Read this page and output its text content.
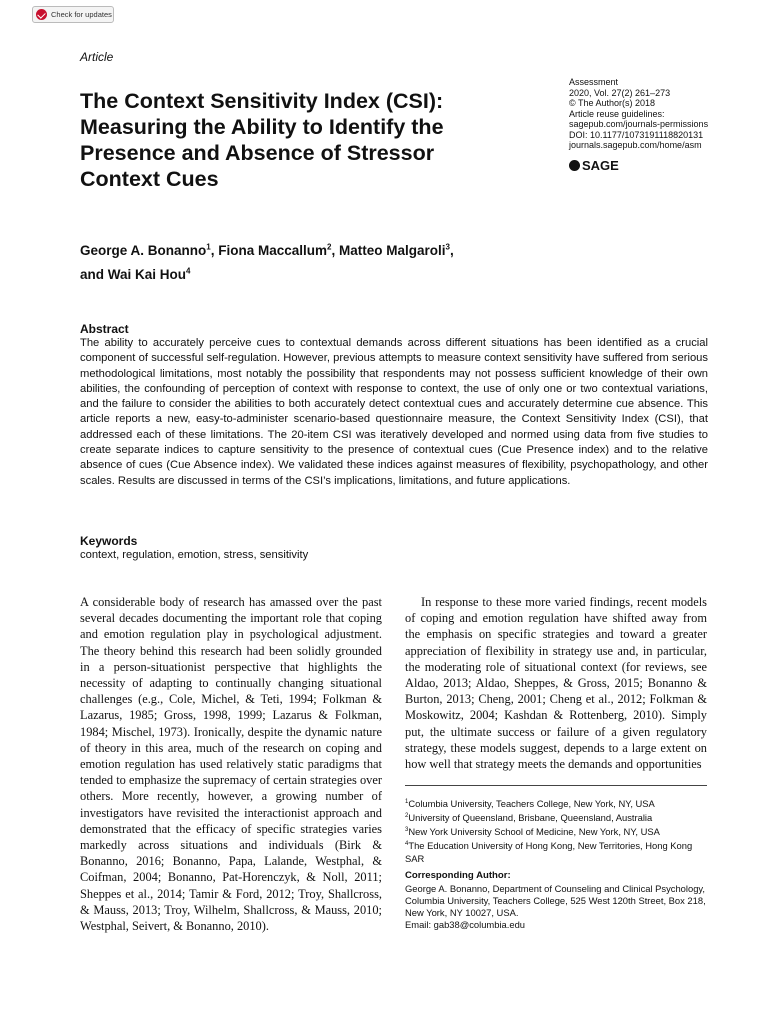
Check for updates
Article
The Context Sensitivity Index (CSI): Measuring the Ability to Identify the Presence and Absence of Stressor Context Cues
Assessment
2020, Vol. 27(2) 261–273
© The Author(s) 2018
Article reuse guidelines:
sagepub.com/journals-permissions
DOI: 10.1177/1073191118820131
journals.sagepub.com/home/asm
SAGE
George A. Bonanno$^1$, Fiona Maccallum$^2$, Matteo Malgaroli$^3$,
and Wai Kai Hou$^4$
Abstract
The ability to accurately perceive cues to contextual demands across different situations has been identified as a crucial component of successful self-regulation. However, previous attempts to measure context sensitivity have suffered from serious methodological limitations, most notably the possibility that respondents may not possess sufficient knowledge of their own abilities, the confounding of perception of context with response to context, the use of only one or two contextual variations, and the failure to consider the abilities to both accurately detect contextual cues and accurately determine cue absence. This article reports a new, easy-to-administer scenario-based questionnaire measure, the Context Sensitivity Index (CSI), that addressed each of these limitations. The 20-item CSI was iteratively developed and normed using data from five studies to create separate indices to capture sensitivity to the presence of contextual cues (Cue Presence index) and to the relative absence of cues (Cue Absence index). We validated these indices against measures of flexibility, psychopathology, and other scales. Results are discussed in terms of the CSI’s implications, limitations, and future applications.
Keywords
context, regulation, emotion, stress, sensitivity
A considerable body of research has amassed over the past several decades documenting the important role that coping and emotion regulation play in psychological adjustment. The theory behind this research had been solidly grounded in a person-situationist perspective that highlights the necessity of adapting to continually changing situational challenges (e.g., Cole, Michel, & Teti, 1994; Folkman & Lazarus, 1985; Gross, 1998, 1999; Lazarus & Folkman, 1984; Mischel, 1973). Ironically, despite the dynamic nature of theory in this area, much of the research on coping and emotion regulation has used relatively static paradigms that tended to emphasize the supremacy of certain strategies over others. More recently, however, a growing number of investigators have revisited the interactionist approach and demonstrated that the efficacy of specific strategies varies markedly across situations and individuals (Birk & Bonanno, 2016; Bonanno, Papa, Lalande, Westphal, & Coifman, 2004; Bonanno, Pat-Horenczyk, & Noll, 2011; Sheppes et al., 2014; Tamir & Ford, 2012; Troy, Shallcross, & Mauss, 2013; Troy, Wilhelm, Shallcross, & Mauss, 2010; Westphal, Seivert, & Bonanno, 2010).
In response to these more varied findings, recent models of coping and emotion regulation have shifted away from the emphasis on specific strategies and toward a greater appreciation of flexibility in strategy use and, in particular, the moderating role of situational context (for reviews, see Aldao, 2013; Aldao, Sheppes, & Gross, 2015; Bonanno & Burton, 2013; Cheng, 2001; Cheng et al., 2012; Folkman & Moskowitz, 2004; Kashdan & Rottenberg, 2010). Simply put, the ultimate success or failure of a given regulatory strategy, these models suggest, depends to a large extent on how well that strategy meets the demands and opportunities
$^1$Columbia University, Teachers College, New York, NY, USA
$^2$University of Queensland, Brisbane, Queensland, Australia
$^3$New York University School of Medicine, New York, NY, USA
$^4$The Education University of Hong Kong, New Territories, Hong Kong SAR
Corresponding Author:
George A. Bonanno, Department of Counseling and Clinical Psychology, Columbia University, Teachers College, 525 West 120th Street, Box 218, New York, NY 10027, USA.
Email: gab38@columbia.edu
